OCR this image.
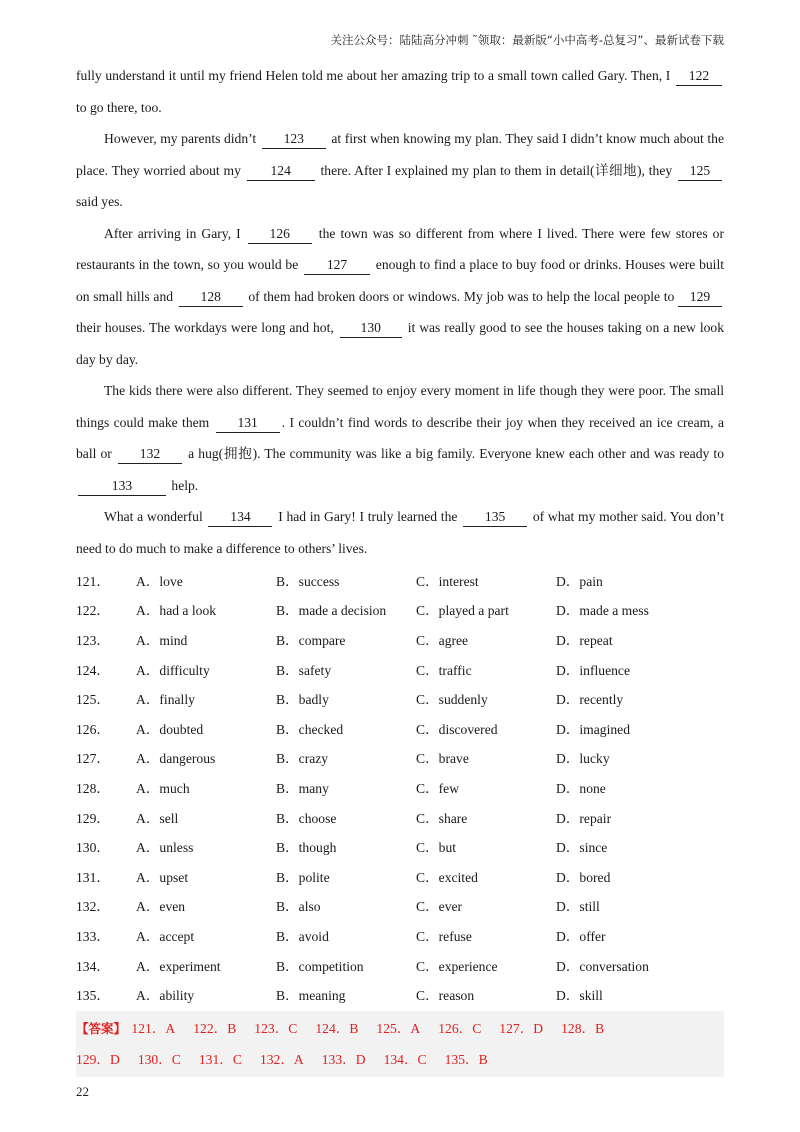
关注公众号：陆陆高分冲刺 ˜领取：最新版“小中高考-总复习”、最新试卷下载

fully understand it until my friend Helen told me about her amazing trip to a small town called Gary. Then, I 122 to go there, too.

However, my parents didn’t 123 at first when knowing my plan. They said I didn’t know much about the place. They worried about my 124 there. After I explained my plan to them in detail(详细地), they 125 said yes.

After arriving in Gary, I 126 the town was so different from where I lived. There were few stores or restaurants in the town, so you would be 127 enough to find a place to buy food or drinks. Houses were built on small hills and 128 of them had broken doors or windows. My job was to help the local people to 129 their houses. The workdays were long and hot, 130 it was really good to see the houses taking on a new look day by day.

The kids there were also different. They seemed to enjoy every moment in life though they were poor. The small things could make them 131 . I couldn’t find words to describe their joy when they received an ice cream, a ball or 132 a hug(拥抱). The community was like a big family. Everyone knew each other and was ready to 133	help.

What a wonderful 134 I had in Gary! I truly learned the 135 of what my mother said. You don’t need to do much to make a difference to others’ lives.

121．	A．love	B．success	C．interest	D．pain
122．	A．had a look	B．made a decision	C．played a part	D．made a mess
123．	A．mind	B．compare	C．agree	D．repeat
124．	A．difficulty	B．safety	C．traffic	D．influence
125．	A．finally	B．badly	C．suddenly	D．recently
126．	A．doubted	B．checked	C．discovered	D．imagined
127．	A．dangerous	B．crazy	C．brave	D．lucky
128．	A．much	B．many	C．few	D．none
129．	A．sell	B．choose	C．share	D．repair
130．	A．unless	B．though	C．but	D．since
131．	A．upset	B．polite	C．excited	D．bored
132．	A．even	B．also	C．ever	D．still
133．	A．accept	B．avoid	C．refuse	D．offer
134．	A．experiment	B．competition	C．experience	D．conversation
135．	A．ability	B．meaning	C．reason	D．skill
【答案】 121．A 122．B 123．C 124．B 125．A 126．C 127．D 128．B
129．D 130．C 131．C 132．A 133．D 134．C 135．B
22
